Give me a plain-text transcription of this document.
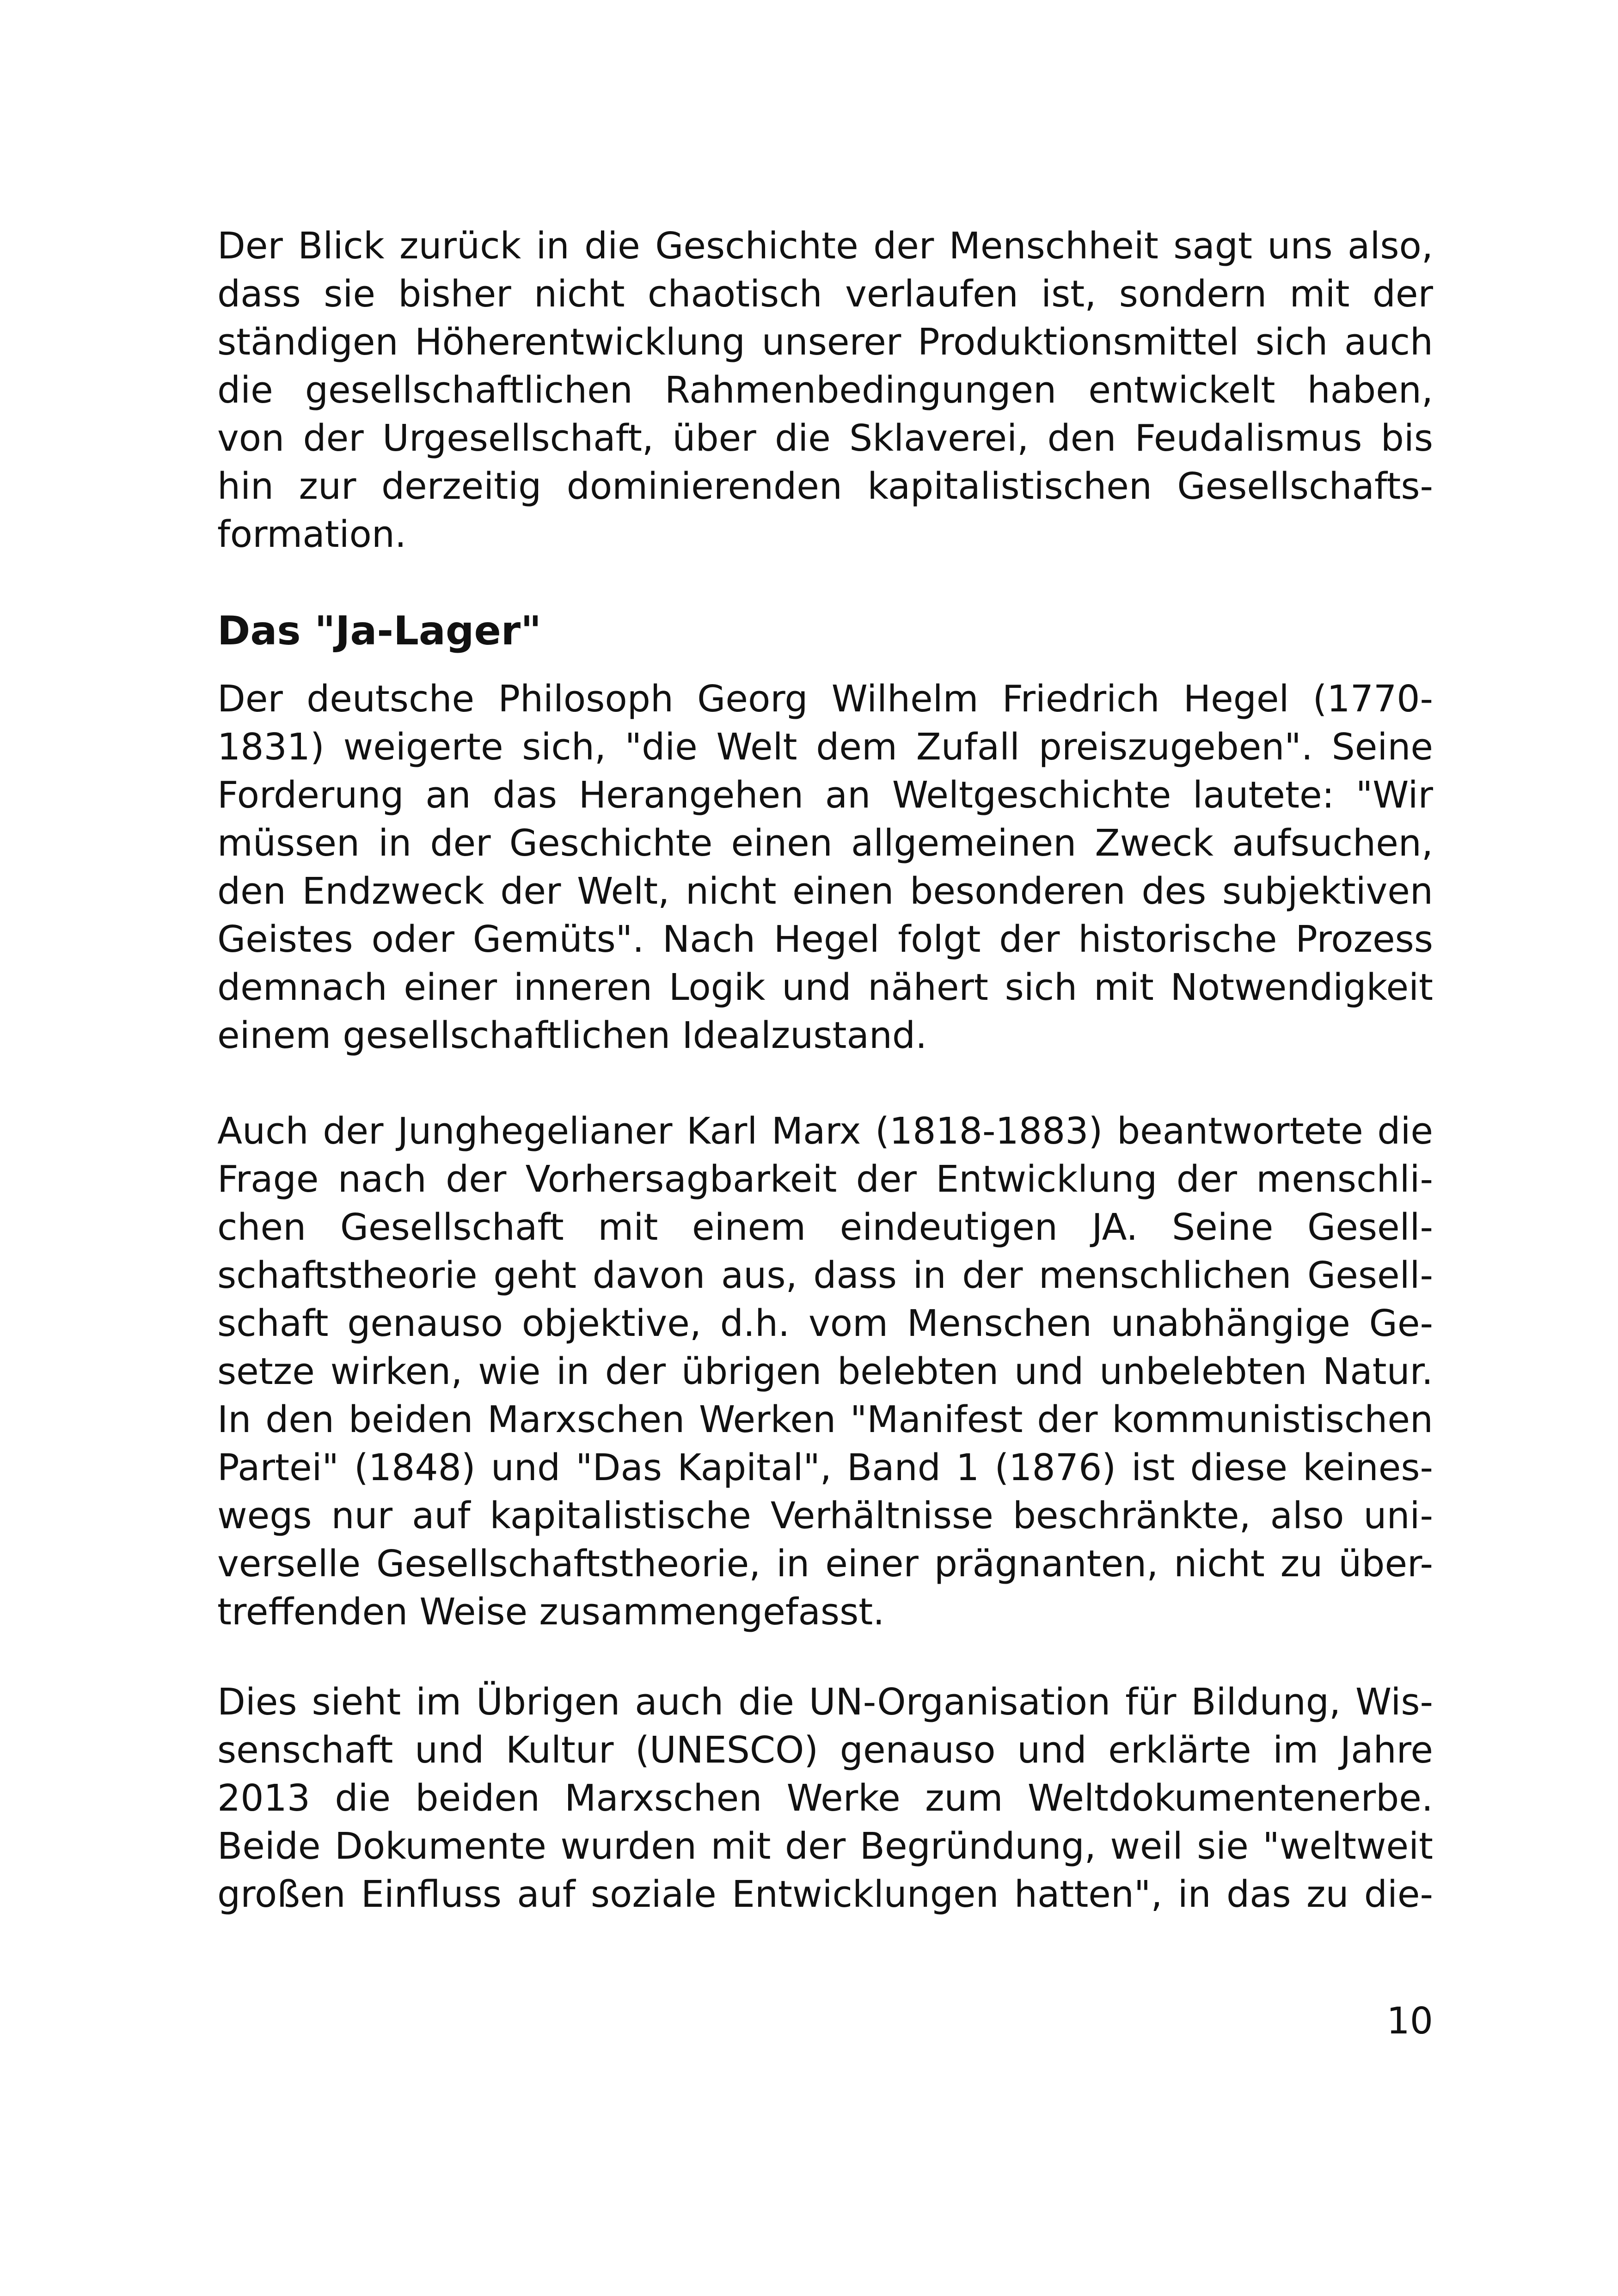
Der Blick zurück in die Geschichte der Menschheit sagt uns also,
dass sie bisher nicht chaotisch verlaufen ist, sondern mit der
ständigen Höherentwicklung unserer Produktionsmittel sich auch
die gesellschaftlichen Rahmenbedingungen entwickelt haben,
von der Urgesellschaft, über die Sklaverei, den Feudalismus bis
hin zur derzeitig dominierenden kapitalistischen Gesellschafts-
formation.

Das "Ja-Lager"

Der deutsche Philosoph Georg Wilhelm Friedrich Hegel (1770-
1831) weigerte sich, "die Welt dem Zufall preiszugeben". Seine
Forderung an das Herangehen an Weltgeschichte lautete: "Wir
müssen in der Geschichte einen allgemeinen Zweck aufsuchen,
den Endzweck der Welt, nicht einen besonderen des subjektiven
Geistes oder Gemüts". Nach Hegel folgt der historische Prozess
demnach einer inneren Logik und nähert sich mit Notwendigkeit
einem gesellschaftlichen Idealzustand.

Auch der Junghegelianer Karl Marx (1818-1883) beantwortete die
Frage nach der Vorhersagbarkeit der Entwicklung der menschli-
chen Gesellschaft mit einem eindeutigen JA. Seine Gesell-
schaftstheorie geht davon aus, dass in der menschlichen Gesell-
schaft genauso objektive, d.h. vom Menschen unabhängige Ge-
setze wirken, wie in der übrigen belebten und unbelebten Natur.
In den beiden Marxschen Werken "Manifest der kommunistischen
Partei" (1848) und "Das Kapital", Band 1 (1876) ist diese keines-
wegs nur auf kapitalistische Verhältnisse beschränkte, also uni-
verselle Gesellschaftstheorie, in einer prägnanten, nicht zu über-
treffenden Weise zusammengefasst.

Dies sieht im Übrigen auch die UN-Organisation für Bildung, Wis-
senschaft und Kultur (UNESCO) genauso und erklärte im Jahre
2013 die beiden Marxschen Werke zum Weltdokumentenerbe.
Beide Dokumente wurden mit der Begründung, weil sie "weltweit
großen Einfluss auf soziale Entwicklungen hatten", in das zu die-

10
